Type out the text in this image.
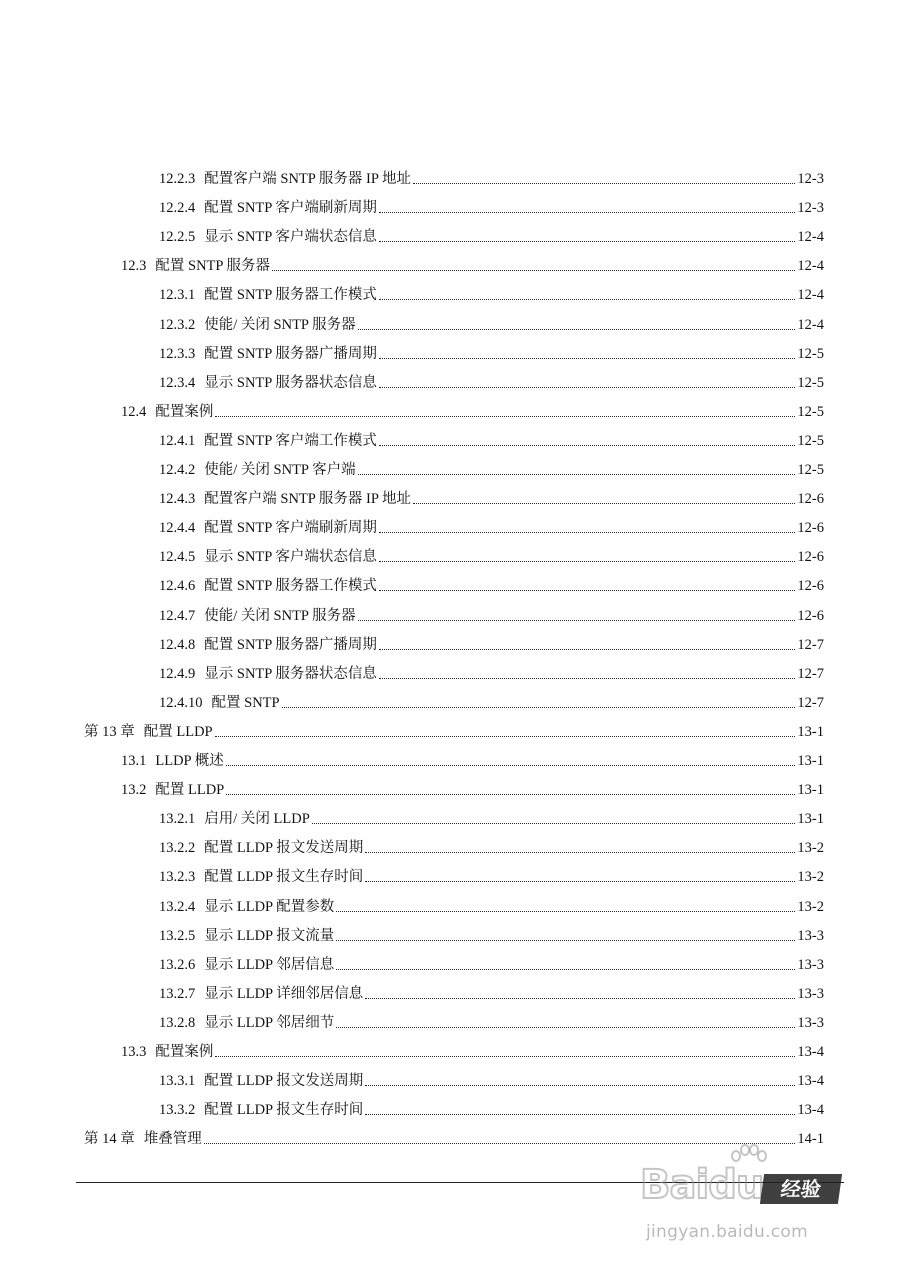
12.2.3 配置客户端 SNTP 服务器 IP 地址	12-3
12.2.4 配置 SNTP 客户端刷新周期	12-3
12.2.5 显示 SNTP 客户端状态信息	12-4
12.3 配置 SNTP 服务器	12-4
12.3.1 配置 SNTP 服务器工作模式	12-4
12.3.2 使能/ 关闭 SNTP 服务器	12-4
12.3.3 配置 SNTP 服务器广播周期	12-5
12.3.4 显示 SNTP 服务器状态信息	12-5
12.4 配置案例	12-5
12.4.1 配置 SNTP 客户端工作模式	12-5
12.4.2 使能/ 关闭 SNTP 客户端	12-5
12.4.3 配置客户端 SNTP 服务器 IP 地址	12-6
12.4.4 配置 SNTP 客户端刷新周期	12-6
12.4.5 显示 SNTP 客户端状态信息	12-6
12.4.6 配置 SNTP 服务器工作模式	12-6
12.4.7 使能/ 关闭 SNTP 服务器	12-6
12.4.8 配置 SNTP 服务器广播周期	12-7
12.4.9 显示 SNTP 服务器状态信息	12-7
12.4.10 配置 SNTP	12-7
第 13 章 配置 LLDP	13-1
13.1 LLDP 概述	13-1
13.2 配置 LLDP	13-1
13.2.1 启用/ 关闭 LLDP	13-1
13.2.2 配置 LLDP 报文发送周期	13-2
13.2.3 配置 LLDP 报文生存时间	13-2
13.2.4 显示 LLDP 配置参数	13-2
13.2.5 显示 LLDP 报文流量	13-3
13.2.6 显示 LLDP 邻居信息	13-3
13.2.7 显示 LLDP 详细邻居信息	13-3
13.2.8 显示 LLDP 邻居细节	13-3
13.3 配置案例	13-4
13.3.1 配置 LLDP 报文发送周期	13-4
13.3.2 配置 LLDP 报文生存时间	13-4
第 14 章 堆叠管理	14-1
Baidu 经验
jingyan.baidu.com
